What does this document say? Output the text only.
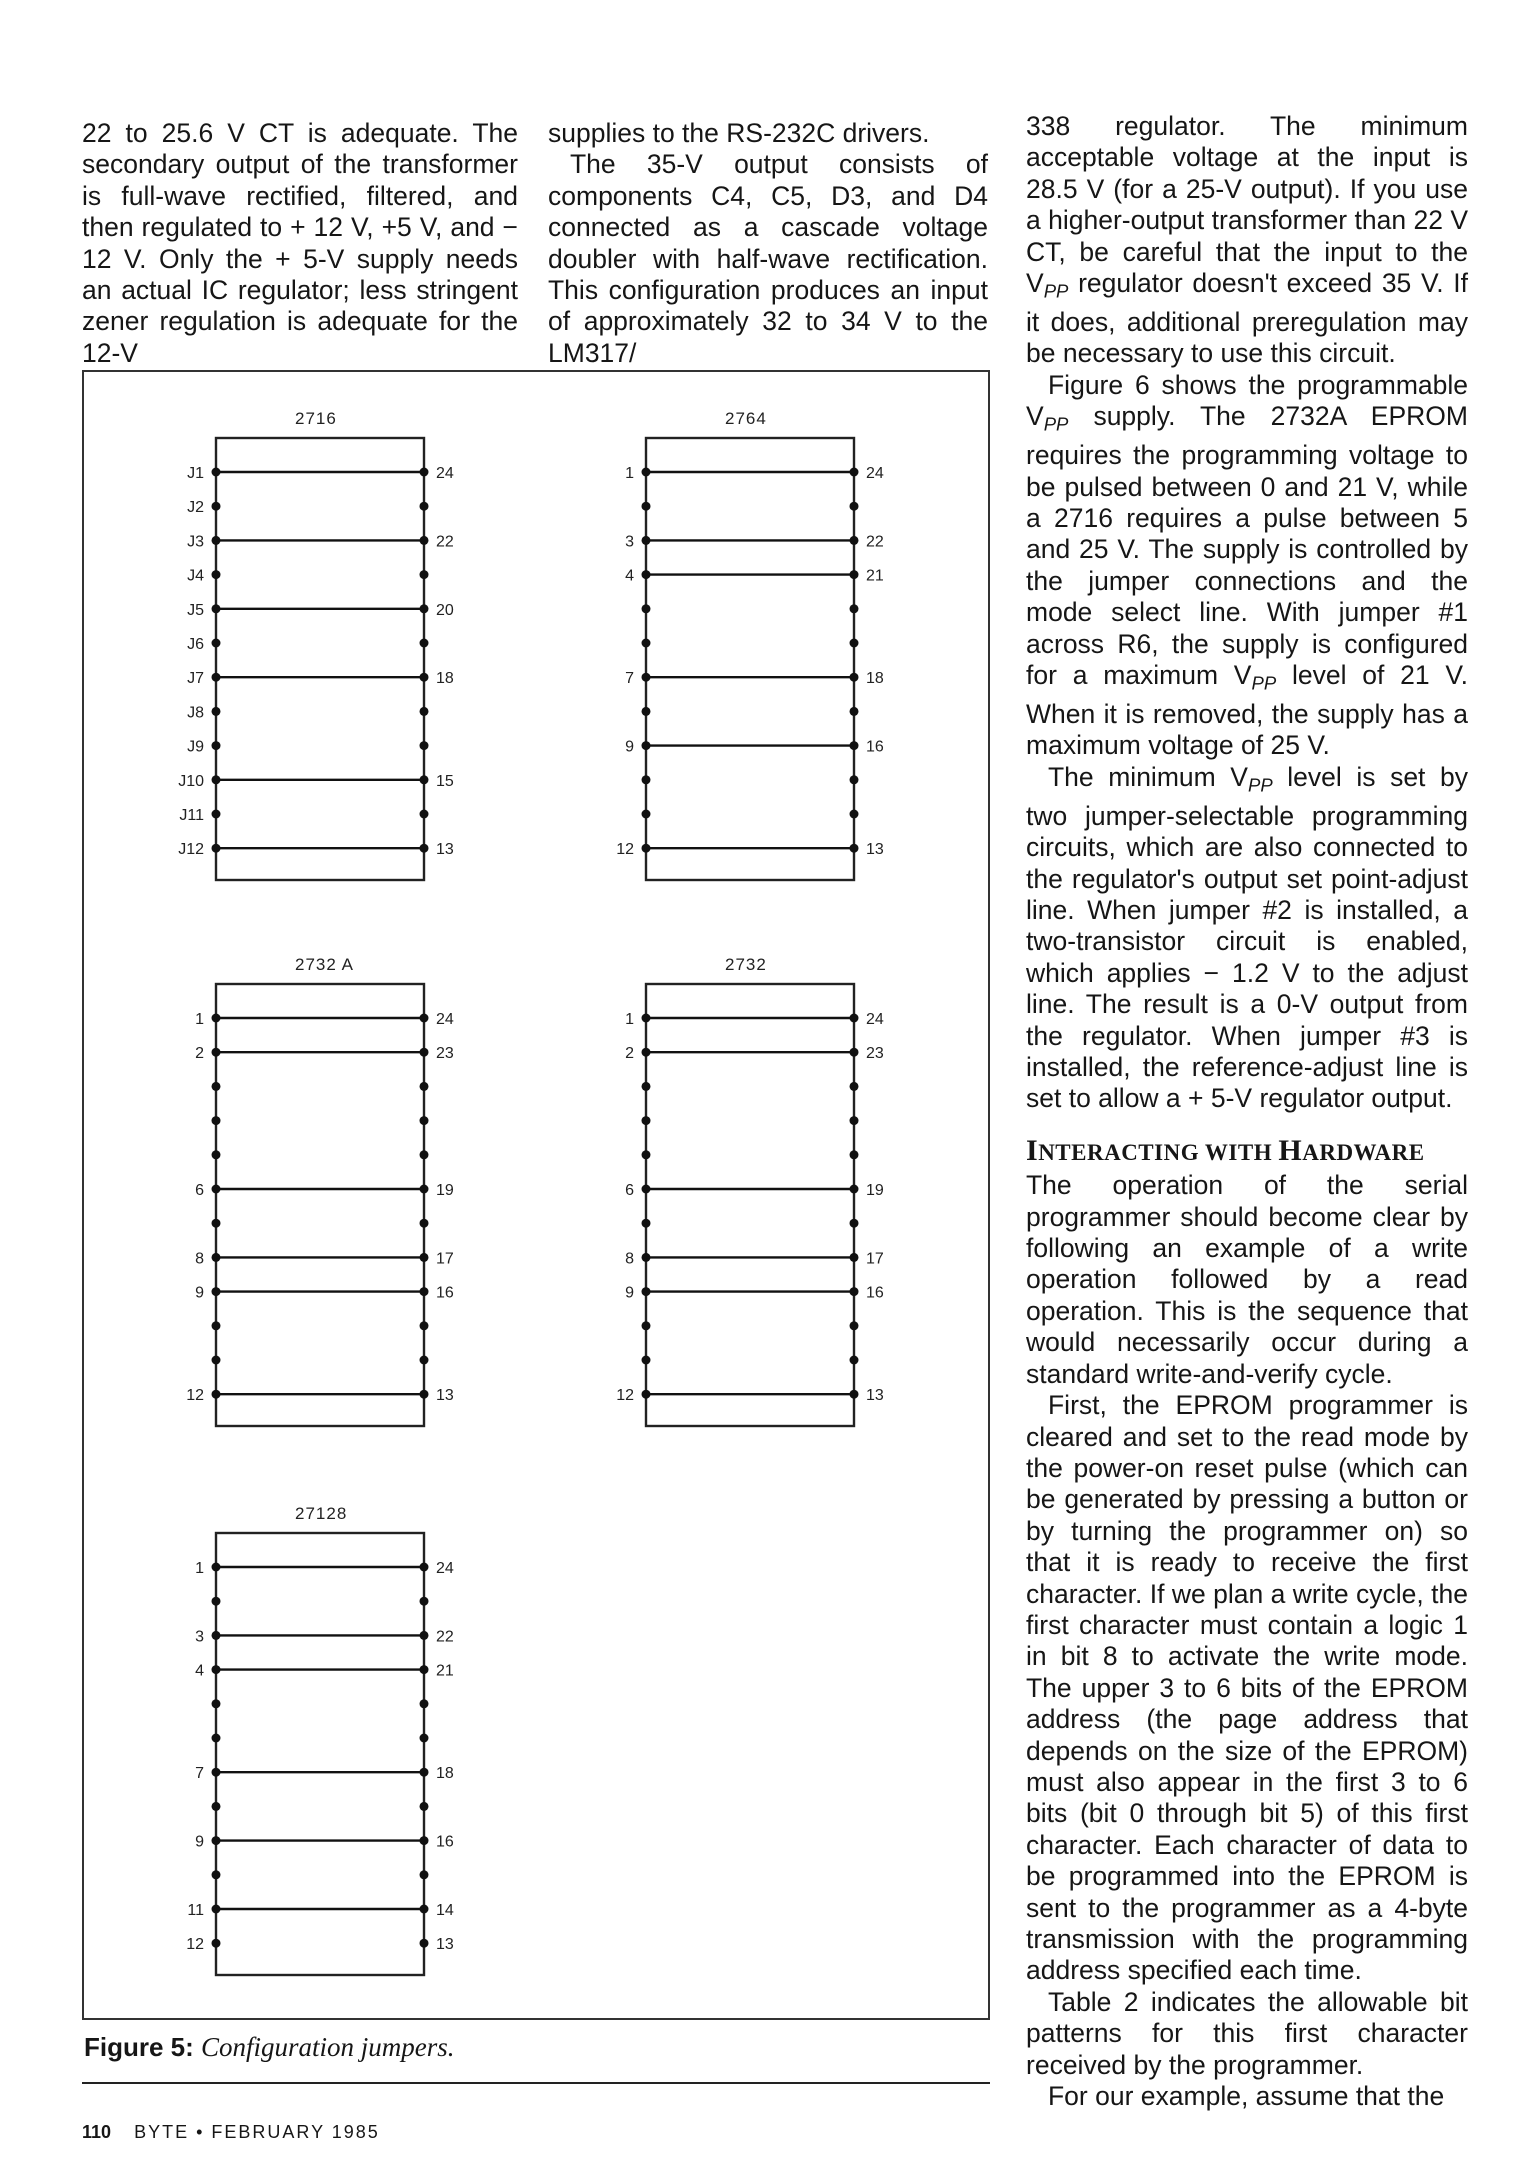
22 to 25.6 V CT is adequate. The secondary output of the transformer is full-wave rectified, filtered, and then regulated to + 12 V, +5 V, and − 12 V. Only the + 5-V supply needs an actual IC regulator; less stringent zener regulation is adequate for the 12-V

supplies to the RS-232C drivers.

The 35-V output consists of components C4, C5, D3, and D4 connected as a cascade voltage doubler with half-wave rectification. This configuration produces an input of approximately 32 to 34 V to the LM317/

338 regulator. The minimum acceptable voltage at the input is 28.5 V (for a 25-V output). If you use a higher-output transformer than 22 V CT, be careful that the input to the $V_{PP}$ regulator doesn't exceed 35 V. If it does, additional preregulation may be necessary to use this circuit.

Figure 6 shows the programmable $V_{PP}$ supply. The 2732A EPROM requires the programming voltage to be pulsed between 0 and 21 V, while a 2716 requires a pulse between 5 and 25 V. The supply is controlled by the jumper connections and the mode select line. With jumper #1 across R6, the supply is configured for a maximum $V_{PP}$ level of 21 V. When it is removed, the supply has a maximum voltage of 25 V.

The minimum $V_{PP}$ level is set by two jumper-selectable programming circuits, which are also connected to the regulator's output set point-adjust line. When jumper #2 is installed, a two-transistor circuit is enabled, which applies − 1.2 V to the adjust line. The result is a 0-V output from the regulator. When jumper #3 is installed, the reference-adjust line is set to allow a + 5-V regulator output.

INTERACTING WITH HARDWARE

The operation of the serial programmer should become clear by following an example of a write operation followed by a read operation. This is the sequence that would necessarily occur during a standard write-and-verify cycle.

First, the EPROM programmer is cleared and set to the read mode by the power-on reset pulse (which can be generated by pressing a button or by turning the programmer on) so that it is ready to receive the first character. If we plan a write cycle, the first character must contain a logic 1 in bit 8 to activate the write mode. The upper 3 to 6 bits of the EPROM address (the page address that depends on the size of the EPROM) must also appear in the first 3 to 6 bits (bit 0 through bit 5) of this first character. Each character of data to be programmed into the EPROM is sent to the programmer as a 4-byte transmission with the programming address specified each time.

Table 2 indicates the allowable bit patterns for this first character received by the programmer.

For our example, assume that the

2716
J1	24
J2
J3	22
J4
J5	20
J6
J7	18
J8
J9
J10	15
J11
J12	13
2764
1	24
3	22
4	21
7	18
9	16
12	13
2732 A
1	24
2	23
6	19
8	17
9	16
12	13
2732
1	24
2	23
6	19
8	17
9	16
12	13
27128
1	24
3	22
4	21
7	18
9	16
11	14
12	13
Figure 5: Configuration jumpers.
110 BYTE • FEBRUARY 1985
